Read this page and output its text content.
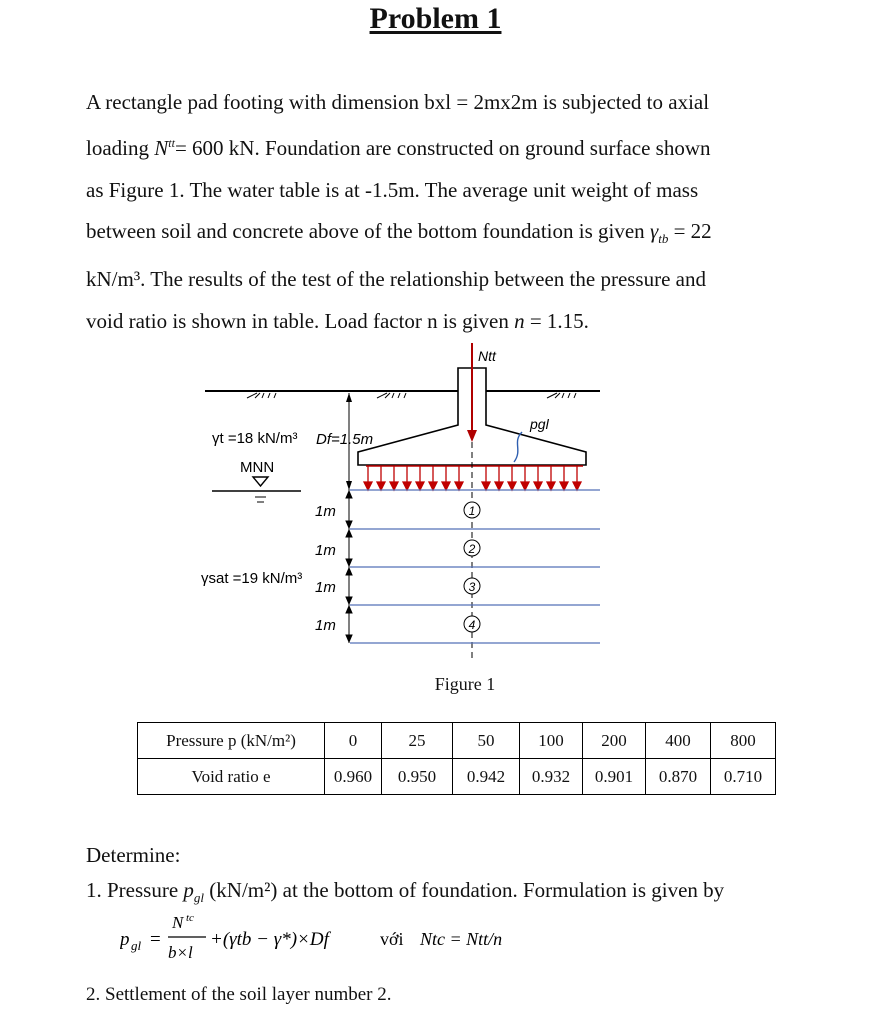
Problem 1
A rectangle pad footing with dimension bxl = 2mx2m is subjected to axial
loading $N^{tt}= 600$ kN. Foundation are constructed on ground surface shown
as Figure 1. The water table is at -1.5m. The average unit weight of mass
between soil and concrete above of the bottom foundation is given $\gamma_{tb} = 22$
kN/m³. The results of the test of the relationship between the pressure and
void ratio is shown in table. Load factor n is given n = 1.15.
Ntt
pgl
Df=1.5m
γt =18 kN/m³
MNN
1m
1m
1m
1m
γsat =19 kN/m³
1
2
3
4
Figure 1
Pressure p (kN/m²)	0	25	50	100	200	400	800
Void ratio e	0.960	0.950	0.942	0.932	0.901	0.870	0.710
Determine:
1. Pressure $p_{gl}$ (kN/m²) at the bottom of foundation. Formulation is given by
p gl =
N tc
b×l
+(γtb − γ*)×Df	với Ntc = Ntt/n
2. Settlement of the soil layer number 2.
